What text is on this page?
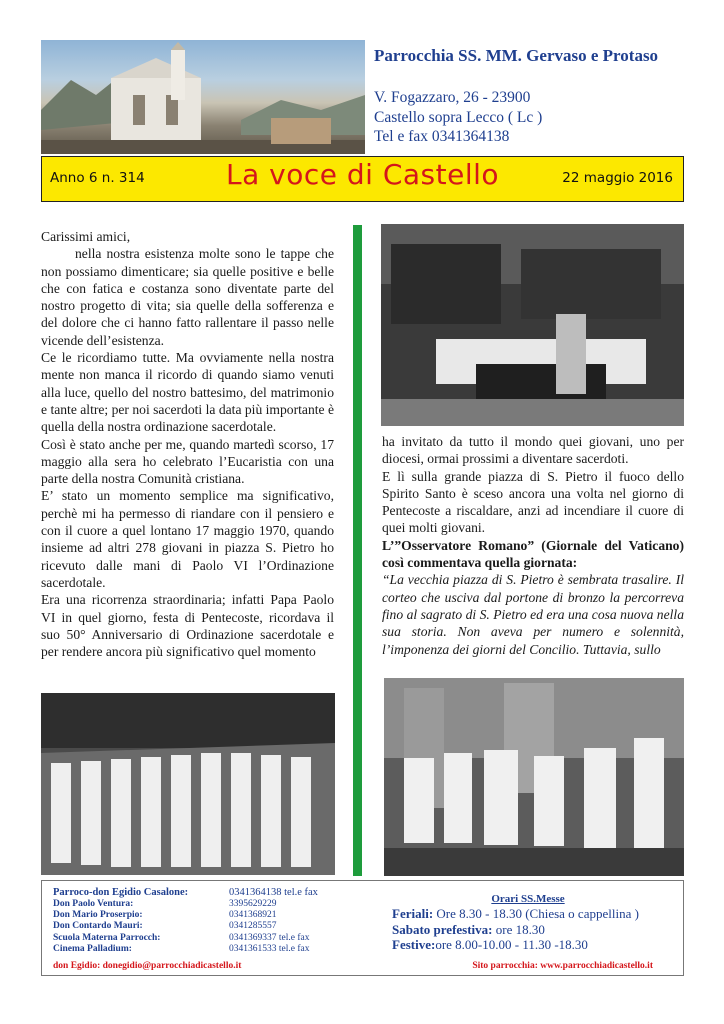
Parrocchia SS. MM. Gervaso e Protaso

V. Fogazzaro, 26 - 23900

Castello sopra Lecco ( Lc )

Tel e fax 0341364138

Anno 6 n. 314	La voce di Castello	22 maggio 2016

Carissimi amici,

nella nostra esistenza molte sono le tappe che non possiamo dimenticare; sia quelle positive e belle che con fatica e costanza sono diventate parte del nostro progetto di vita; sia quelle della sofferenza e del dolore che ci hanno fatto rallentare il passo nelle vicende dell’esistenza.

Ce le ricordiamo tutte. Ma ovviamente nella nostra mente non manca il ricordo di quando siamo venuti alla luce, quello del nostro battesimo, del matrimonio e tante altre; per noi sacerdoti la data più importante è quella della nostra ordinazione sacerdotale.

Così è stato anche per me, quando martedì scorso, 17 maggio alla sera ho celebrato l’Eucaristia con una parte della nostra Comunità cristiana.

E’ stato un momento semplice ma significativo, perchè mi ha permesso di riandare con il pensiero e con il cuore a quel lontano 17 maggio 1970, quando insieme ad altri 278 giovani in piazza S. Pietro ho ricevuto dalle mani di Paolo VI l’Ordinazione sacerdotale.

Era una ricorrenza straordinaria; infatti Papa Paolo VI in quel giorno, festa di Pentecoste, ricordava il suo 50° Anniversario di Ordinazione sacerdotale e per rendere ancora più significativo quel momento

ha invitato da tutto il mondo quei giovani, uno per diocesi, ormai prossimi a diventare sacerdoti.

E lì sulla grande piazza di S. Pietro il fuoco dello Spirito Santo è sceso ancora una volta nel giorno di Pentecoste a riscaldare, anzi ad incendiare il cuore di quei molti giovani.

L’”Osservatore Romano” (Giornale del Vaticano) così commentava quella giornata:

“La vecchia piazza di S. Pietro è sembrata trasalire. Il corteo che usciva dal portone di bronzo la percorreva fino al sagrato di S. Pietro ed era una cosa nuova nella sua storia. Non aveva per numero e solennità, l’imponenza dei giorni del Concilio. Tuttavia, sullo

Parroco-don Egidio Casalone:	0341364138 tel.e fax
Don Paolo Ventura:	3395629229
Don Mario Proserpio:	0341368921
Don Contardo Mauri:	0341285557
Scuola Materna Parrocch:	0341369337 tel.e fax
Cinema Palladium:	0341361533 tel.e fax
Orari SS.Messe
Feriali: Ore 8.30 - 18.30 (Chiesa o cappellina )
Sabato prefestiva: ore 18.30
Festive:ore 8.00-10.00 - 11.30 -18.30
don Egidio: donegidio@parrocchiadicastello.it	Sito parrocchia: www.parrocchiadicastello.it
